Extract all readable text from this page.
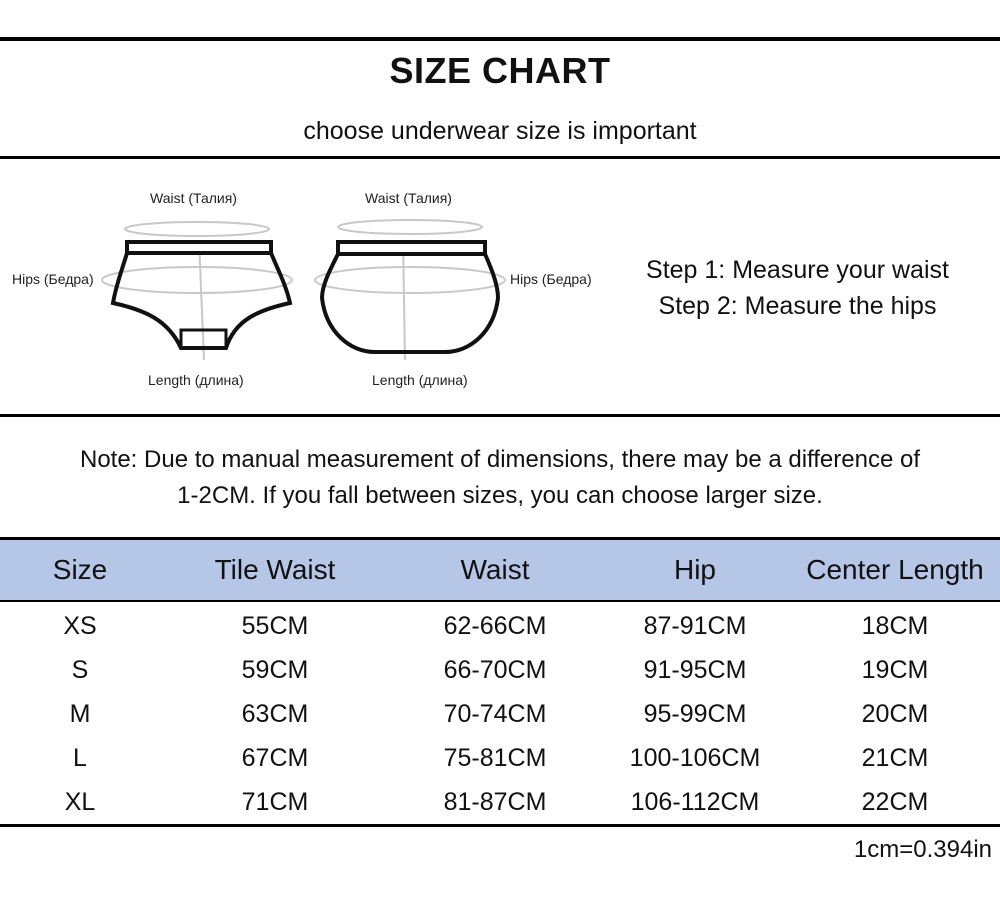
SIZE CHART
choose underwear size is important
Waist (Талия)
Hips (Бедра)
Length (длина)
Waist (Талия)
Hips (Бедра)
Length (длина)
Step 1: Measure your waist
Step 2: Measure the hips
Note: Due to manual measurement of dimensions, there may be a difference of
1-2CM. If you fall between sizes, you can choose larger size.
Size	Tile Waist	Waist	Hip	Center Length
XS	55CM	62-66CM	87-91CM	18CM
S	59CM	66-70CM	91-95CM	19CM
M	63CM	70-74CM	95-99CM	20CM
L	67CM	75-81CM	100-106CM	21CM
XL	71CM	81-87CM	106-112CM	22CM
1cm=0.394in
